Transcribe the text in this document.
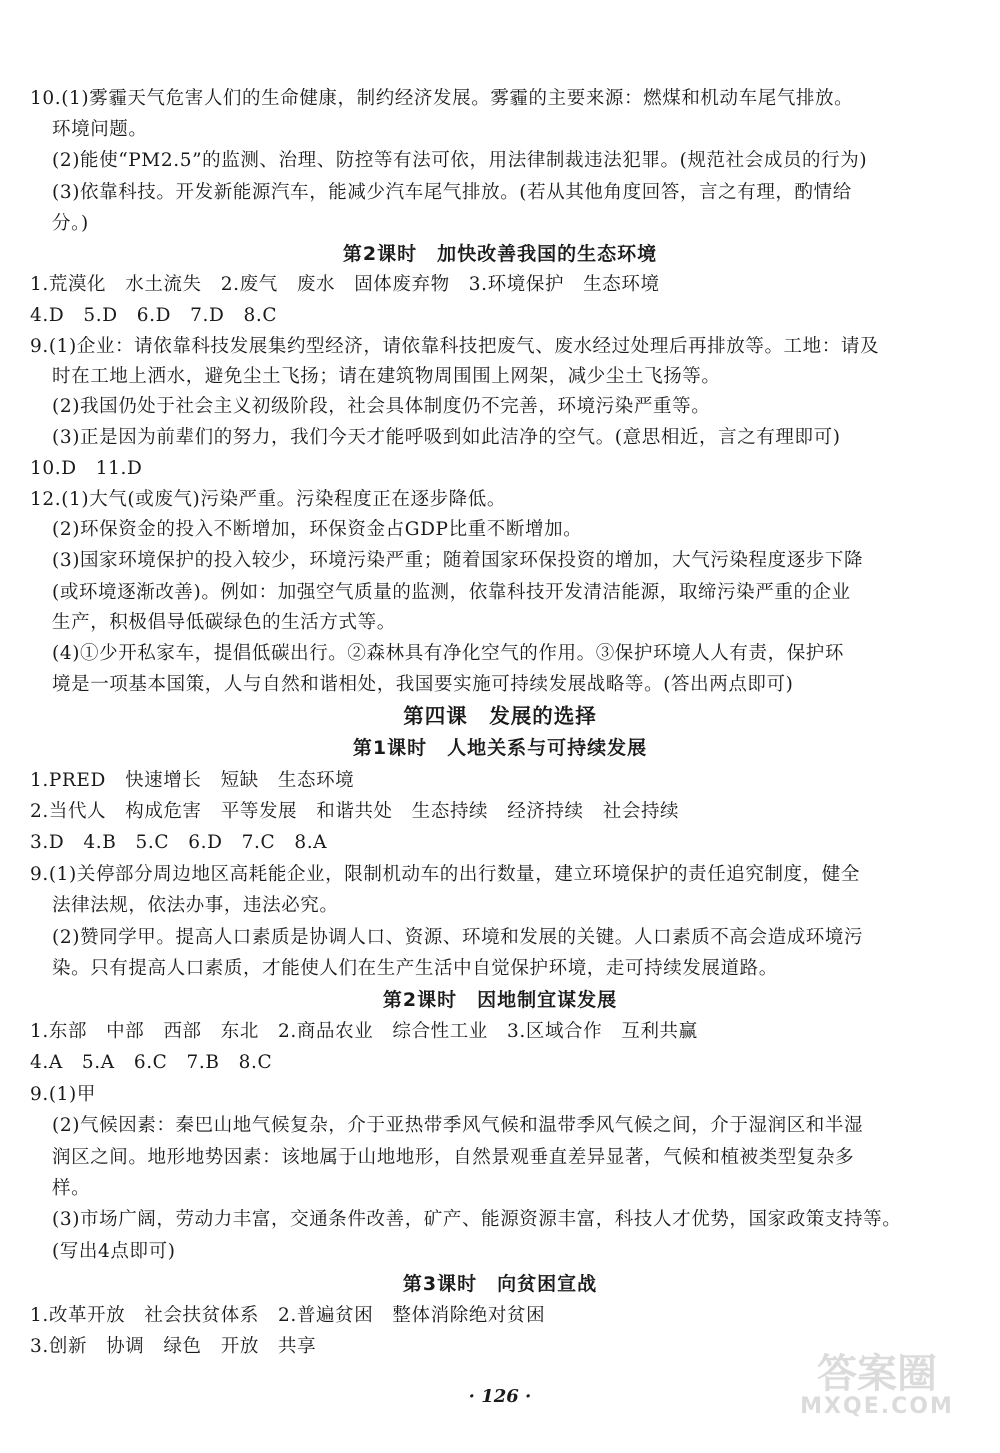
10.(1)雾霾天气危害人们的生命健康，制约经济发展。雾霾的主要来源：燃煤和机动车尾气排放。
环境问题。
(2)能使“PM2.5”的监测、治理、防控等有法可依，用法律制裁违法犯罪。(规范社会成员的行为)
(3)依靠科技。开发新能源汽车，能减少汽车尾气排放。(若从其他角度回答，言之有理，酌情给
分。)
第2课时　加快改善我国的生态环境
1.荒漠化　水土流失　2.废气　废水　固体废弃物　3.环境保护　生态环境
4.D　5.D　6.D　7.D　8.C
9.(1)企业：请依靠科技发展集约型经济，请依靠科技把废气、废水经过处理后再排放等。工地：请及
时在工地上洒水，避免尘土飞扬；请在建筑物周围围上网架，减少尘土飞扬等。
(2)我国仍处于社会主义初级阶段，社会具体制度仍不完善，环境污染严重等。
(3)正是因为前辈们的努力，我们今天才能呼吸到如此洁净的空气。(意思相近，言之有理即可)
10.D　11.D
12.(1)大气(或废气)污染严重。污染程度正在逐步降低。
(2)环保资金的投入不断增加，环保资金占GDP比重不断增加。
(3)国家环境保护的投入较少，环境污染严重；随着国家环保投资的增加，大气污染程度逐步下降
(或环境逐渐改善)。例如：加强空气质量的监测，依靠科技开发清洁能源，取缔污染严重的企业
生产，积极倡导低碳绿色的生活方式等。
(4)①少开私家车，提倡低碳出行。②森林具有净化空气的作用。③保护环境人人有责，保护环
境是一项基本国策，人与自然和谐相处，我国要实施可持续发展战略等。(答出两点即可)
第四课　发展的选择
第1课时　人地关系与可持续发展
1.PRED　快速增长　短缺　生态环境
2.当代人　构成危害　平等发展　和谐共处　生态持续　经济持续　社会持续
3.D　4.B　5.C　6.D　7.C　8.A
9.(1)关停部分周边地区高耗能企业，限制机动车的出行数量，建立环境保护的责任追究制度，健全
法律法规，依法办事，违法必究。
(2)赞同学甲。提高人口素质是协调人口、资源、环境和发展的关键。人口素质不高会造成环境污
染。只有提高人口素质，才能使人们在生产生活中自觉保护环境，走可持续发展道路。
第2课时　因地制宜谋发展
1.东部　中部　西部　东北　2.商品农业　综合性工业　3.区域合作　互利共赢
4.A　5.A　6.C　7.B　8.C
9.(1)甲
(2)气候因素：秦巴山地气候复杂，介于亚热带季风气候和温带季风气候之间，介于湿润区和半湿
润区之间。地形地势因素：该地属于山地地形，自然景观垂直差异显著，气候和植被类型复杂多
样。
(3)市场广阔，劳动力丰富，交通条件改善，矿产、能源资源丰富，科技人才优势，国家政策支持等。
(写出4点即可)
第3课时　向贫困宣战
1.改革开放　社会扶贫体系　2.普遍贫困　整体消除绝对贫困
3.创新　协调　绿色　开放　共享
· 126 ·	答案圈
MXQE.COM
